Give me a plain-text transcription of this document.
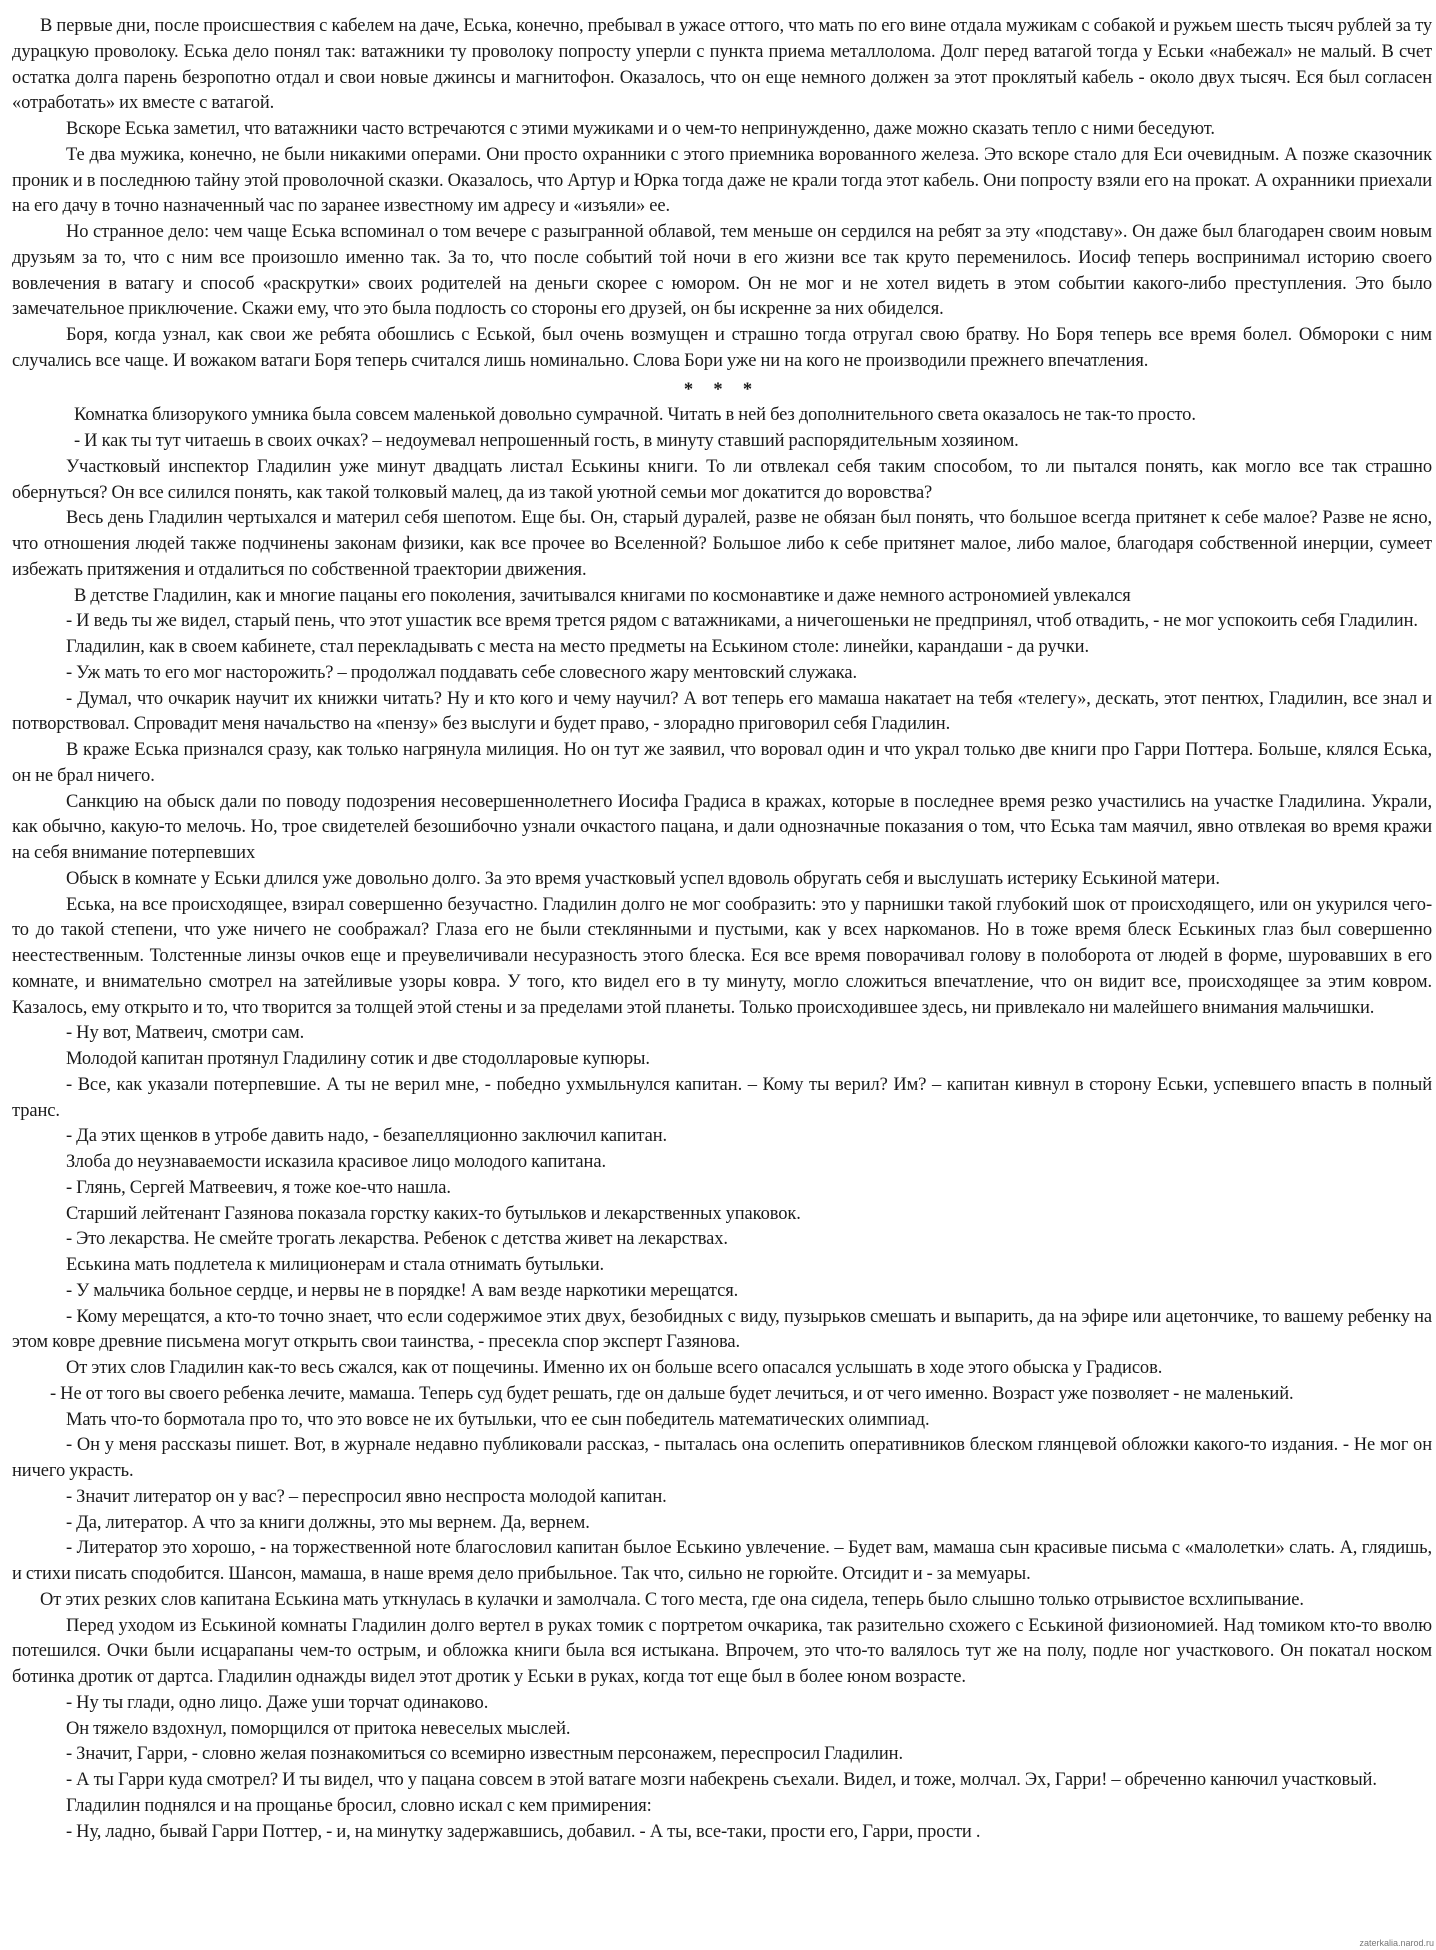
В первые дни, после происшествия с кабелем на даче, Еська, конечно, пребывал в ужасе оттого, что мать по его вине отдала мужикам с собакой и ружьем шесть тысяч рублей за ту дурацкую проволоку. Еська дело понял так: ватажники ту проволоку попросту уперли с пункта приема металлолома. Долг перед ватагой тогда у Еськи «набежал» не малый. В счет остатка долга парень безропотно отдал и свои новые джинсы и магнитофон. Оказалось, что он еще немного должен за этот проклятый кабель - около двух тысяч. Еся был согласен «отработать» их вместе с ватагой.

Вскоре Еська заметил, что ватажники часто встречаются с этими мужиками и о чем-то непринужденно, даже можно сказать тепло с ними беседуют.

Те два мужика, конечно, не были никакими операми. Они просто охранники с этого приемника ворованного железа. Это вскоре стало для Еси очевидным. А позже сказочник проник и в последнюю тайну этой проволочной сказки. Оказалось, что Артур и Юрка тогда даже не крали тогда этот кабель. Они попросту взяли его на прокат. А охранники приехали на его дачу в точно назначенный час по заранее известному им адресу и «изъяли» ее.

Но странное дело: чем чаще Еська вспоминал о том вечере с разыгранной облавой, тем меньше он сердился на ребят за эту «подставу». Он даже был благодарен своим новым друзьям за то, что с ним все произошло именно так. За то, что после событий той ночи в его жизни все так круто переменилось. Иосиф теперь воспринимал историю своего вовлечения в ватагу и способ «раскрутки» своих родителей на деньги скорее с юмором. Он не мог и не хотел видеть в этом событии какого-либо преступления. Это было замечательное приключение. Скажи ему, что это была подлость со стороны его друзей, он бы искренне за них обиделся.

Боря, когда узнал, как свои же ребята обошлись с Еськой, был очень возмущен и страшно тогда отругал свою братву. Но Боря теперь все время болел. Обмороки с ним случались все чаще. И вожаком ватаги Боря теперь считался лишь номинально. Слова Бори уже ни на кого не производили прежнего впечатления.

* * *

Комнатка близорукого умника была совсем маленькой довольно сумрачной. Читать в ней без дополнительного света оказалось не так-то просто.

- И как ты тут читаешь в своих очках? – недоумевал непрошенный гость, в минуту ставший распорядительным хозяином.

Участковый инспектор Гладилин уже минут двадцать листал Еськины книги. То ли отвлекал себя таким способом, то ли пытался понять, как могло все так страшно обернуться? Он все силился понять, как такой толковый малец, да из такой уютной семьи мог докатится до воровства?

Весь день Гладилин чертыхался и материл себя шепотом. Еще бы. Он, старый дуралей, разве не обязан был понять, что большое всегда притянет к себе малое? Разве не ясно, что отношения людей также подчинены законам физики, как все прочее во Вселенной? Большое либо к себе притянет малое, либо малое, благодаря собственной инерции, сумеет избежать притяжения и отдалиться по собственной траектории движения.

В детстве Гладилин, как и многие пацаны его поколения, зачитывался книгами по космонавтике и даже немного астрономией увлекался

- И ведь ты же видел, старый пень, что этот ушастик все время трется рядом с ватажниками, а ничегошеньки не предпринял, чтоб отвадить, - не мог успокоить себя Гладилин.

Гладилин, как в своем кабинете, стал перекладывать с места на место предметы на Еськином столе: линейки, карандаши - да ручки.

- Уж мать то его мог насторожить? – продолжал поддавать себе словесного жару ментовский служака.

- Думал, что очкарик научит их книжки читать? Ну и кто кого и чему научил? А вот теперь его мамаша накатает на тебя «телегу», дескать, этот пентюх, Гладилин, все знал и потворствовал. Спровадит меня начальство на «пензу» без выслуги и будет право, - злорадно приговорил себя Гладилин.

В краже Еська признался сразу, как только нагрянула милиция. Но он тут же заявил, что воровал один и что украл только две книги про Гарри Поттера. Больше, клялся Еська, он не брал ничего.

Санкцию на обыск дали по поводу подозрения несовершеннолетнего Иосифа Градиса в кражах, которые в последнее время резко участились на участке Гладилина. Украли, как обычно, какую-то мелочь. Но, трое свидетелей безошибочно узнали очкастого пацана, и дали однозначные показания о том, что Еська там маячил, явно отвлекая во время кражи на себя внимание потерпевших

Обыск в комнате у Еськи длился уже довольно долго. За это время участковый успел вдоволь обругать себя и выслушать истерику Еськиной матери.

Еська, на все происходящее, взирал совершенно безучастно. Гладилин долго не мог сообразить: это у парнишки такой глубокий шок от происходящего, или он укурился чего-то до такой степени, что уже ничего не соображал? Глаза его не были стеклянными и пустыми, как у всех наркоманов. Но в тоже время блеск Еськиных глаз был совершенно неестественным. Толстенные линзы очков еще и преувеличивали несуразность этого блеска. Еся все время поворачивал голову в полоборота от людей в форме, шуровавших в его комнате, и внимательно смотрел на затейливые узоры ковра. У того, кто видел его в ту минуту, могло сложиться впечатление, что он видит все, происходящее за этим ковром. Казалось, ему открыто и то, что творится за толщей этой стены и за пределами этой планеты. Только происходившее здесь, ни привлекало ни малейшего внимания мальчишки.

- Ну вот, Матвеич, смотри сам.

Молодой капитан протянул Гладилину сотик и две стодолларовые купюры.

- Все, как указали потерпевшие. А ты не верил мне, - победно ухмыльнулся капитан. – Кому ты верил? Им? – капитан кивнул в сторону Еськи, успевшего впасть в полный транс.

- Да этих щенков в утробе давить надо, - безапелляционно заключил капитан.

Злоба до неузнаваемости исказила красивое лицо молодого капитана.

- Глянь, Сергей Матвеевич, я тоже кое-что нашла.

Старший лейтенант Газянова показала горстку каких-то бутыльков и лекарственных упаковок.

- Это лекарства. Не смейте трогать лекарства. Ребенок с детства живет на лекарствах.

Еськина мать подлетела к милиционерам и стала отнимать бутыльки.

- У мальчика больное сердце, и нервы не в порядке! А вам везде наркотики мерещатся.

- Кому мерещатся, а кто-то точно знает, что если содержимое этих двух, безобидных с виду, пузырьков смешать и выпарить, да на эфире или ацетончике, то вашему ребенку на этом ковре древние письмена могут открыть свои таинства, - пресекла спор эксперт Газянова.

От этих слов Гладилин как-то весь сжался, как от пощечины. Именно их он больше всего опасался услышать в ходе этого обыска у Градисов.

- Не от того вы своего ребенка лечите, мамаша. Теперь суд будет решать, где он дальше будет лечиться, и от чего именно. Возраст уже позволяет - не маленький.

Мать что-то бормотала про то, что это вовсе не их бутыльки, что ее сын победитель математических олимпиад.

- Он у меня рассказы пишет. Вот, в журнале недавно публиковали рассказ, - пыталась она ослепить оперативников блеском глянцевой обложки какого-то издания. - Не мог он ничего украсть.

- Значит литератор он у вас? – переспросил явно неспроста молодой капитан.

- Да, литератор. А что за книги должны, это мы вернем. Да, вернем.

- Литератор это хорошо, - на торжественной ноте благословил капитан былое Еськино увлечение. – Будет вам, мамаша сын красивые письма с «малолетки» слать. А, глядишь, и стихи писать сподобится. Шансон, мамаша, в наше время дело прибыльное. Так что, сильно не горюйте. Отсидит и - за мемуары.

От этих резких слов капитана Еськина мать уткнулась в кулачки и замолчала. С того места, где она сидела, теперь было слышно только отрывистое всхлипывание.

Перед уходом из Еськиной комнаты Гладилин долго вертел в руках томик с портретом очкарика, так разительно схожего с Еськиной физиономией. Над томиком кто-то вволю потешился. Очки были исцарапаны чем-то острым, и обложка книги была вся истыкана. Впрочем, это что-то валялось тут же на полу, подле ног участкового. Он покатал носком ботинка дротик от дартса. Гладилин однажды видел этот дротик у Еськи в руках, когда тот еще был в более юном возрасте.

- Ну ты глади, одно лицо. Даже уши торчат одинаково.

Он тяжело вздохнул, поморщился от притока невеселых мыслей.

- Значит, Гарри, - словно желая познакомиться со всемирно известным персонажем, переспросил Гладилин.

- А ты Гарри куда смотрел? И ты видел, что у пацана совсем в этой ватаге мозги набекрень съехали. Видел, и тоже, молчал. Эх, Гарри! – обреченно канючил участковый.

Гладилин поднялся и на прощанье бросил, словно искал с кем примирения:

- Ну, ладно, бывай Гарри Поттер, - и, на минутку задержавшись, добавил. - А ты, все-таки, прости его, Гарри, прости .

zaterkalia.narod.ru
